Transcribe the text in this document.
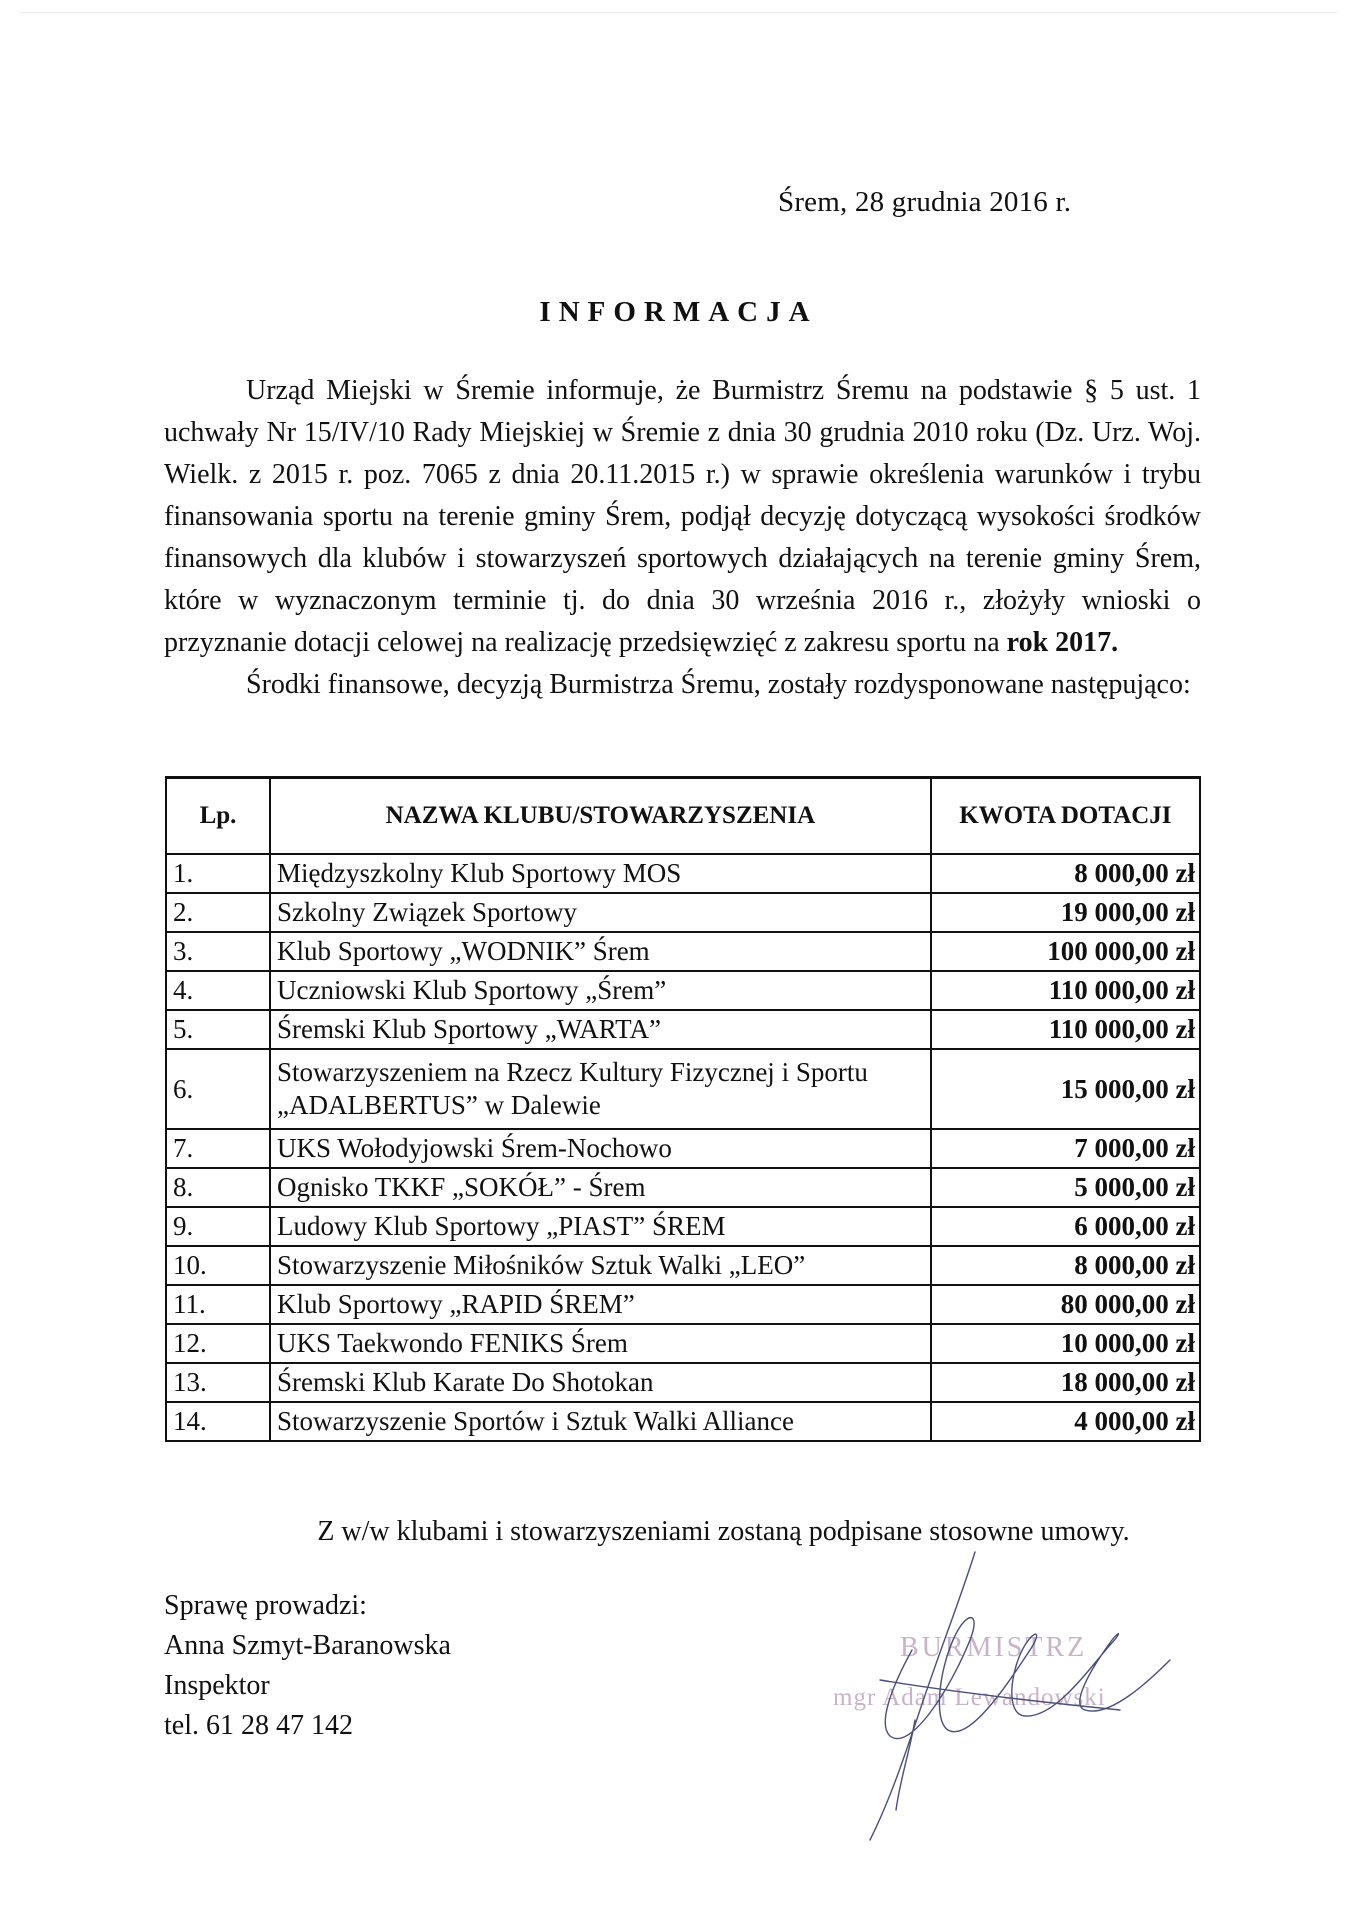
Śrem, 28 grudnia 2016 r.
INFORMACJA

Urząd Miejski w Śremie informuje, że Burmistrz Śremu na podstawie § 5 ust. 1 uchwały Nr 15/IV/10 Rady Miejskiej w Śremie z dnia 30 grudnia 2010 roku (Dz. Urz. Woj. Wielk. z 2015 r. poz. 7065 z dnia 20.11.2015 r.) w sprawie określenia warunków i trybu finansowania sportu na terenie gminy Śrem, podjął decyzję dotyczącą wysokości środków finansowych dla klubów i stowarzyszeń sportowych działających na terenie gminy Śrem, które w wyznaczonym terminie tj. do dnia 30 września 2016 r., złożyły wnioski o przyznanie dotacji celowej na realizację przedsięwzięć z zakresu sportu na rok 2017.

Środki finansowe, decyzją Burmistrza Śremu, zostały rozdysponowane następująco:

Lp.	NAZWA KLUBU/STOWARZYSZENIA	KWOTA DOTACJI
1.	Międzyszkolny Klub Sportowy MOS	8 000,00 zł
2.	Szkolny Związek Sportowy	19 000,00 zł
3.	Klub Sportowy „WODNIK” Śrem	100 000,00 zł
4.	Uczniowski Klub Sportowy „Śrem”	110 000,00 zł
5.	Śremski Klub Sportowy „WARTA”	110 000,00 zł
6.	Stowarzyszeniem na Rzecz Kultury Fizycznej i Sportu „ADALBERTUS” w Dalewie	15 000,00 zł
7.	UKS Wołodyjowski Śrem-Nochowo	7 000,00 zł
8.	Ognisko TKKF „SOKÓŁ” - Śrem	5 000,00 zł
9.	Ludowy Klub Sportowy „PIAST” ŚREM	6 000,00 zł
10.	Stowarzyszenie Miłośników Sztuk Walki „LEO”	8 000,00 zł
11.	Klub Sportowy „RAPID ŚREM”	80 000,00 zł
12.	UKS Taekwondo FENIKS Śrem	10 000,00 zł
13.	Śremski Klub Karate Do Shotokan	18 000,00 zł
14.	Stowarzyszenie Sportów i Sztuk Walki Alliance	4 000,00 zł
Z w/w klubami i stowarzyszeniami zostaną podpisane stosowne umowy.
Sprawę prowadzi:
Anna Szmyt-Baranowska
Inspektor
tel. 61 28 47 142
BURMISTRZ
mgr Adam Lewandowski
